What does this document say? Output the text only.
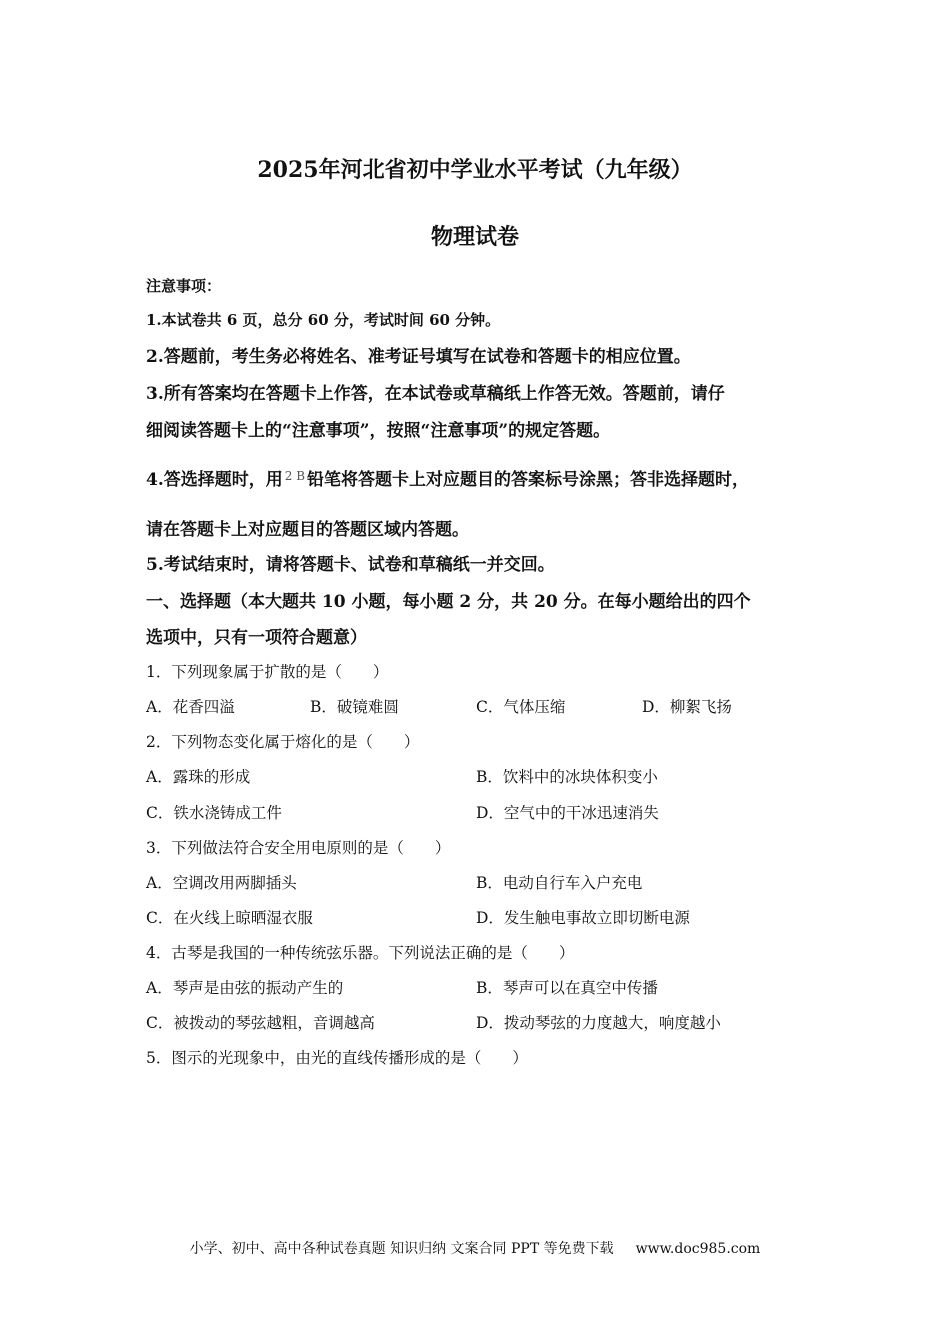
2025年河北省初中学业水平考试（九年级）
物理试卷
注意事项：
1.本试卷共 6 页，总分 60 分，考试时间 60 分钟。
2.答题前，考生务必将姓名、准考证号填写在试卷和答题卡的相应位置。
3.所有答案均在答题卡上作答，在本试卷或草稿纸上作答无效。答题前，请仔
细阅读答题卡上的“注意事项”，按照“注意事项”的规定答题。
4.答选择题时，用 $^{2 B}$ 铅笔将答题卡上对应题目的答案标号涂黑；答非选择题时，
请在答题卡上对应题目的答题区域内答题。
5.考试结束时，请将答题卡、试卷和草稿纸一并交回。
一、选择题（本大题共 10 小题，每小题 2 分，共 20 分。在每小题给出的四个
选项中，只有一项符合题意）
1．下列现象属于扩散的是（　　）
A．花香四溢	B．破镜难圆	C．气体压缩	D．柳絮飞扬
2．下列物态变化属于熔化的是（　　）
A．露珠的形成	B．饮料中的冰块体积变小
C．铁水浇铸成工件	D．空气中的干冰迅速消失
3．下列做法符合安全用电原则的是（　　）
A．空调改用两脚插头	B．电动自行车入户充电
C．在火线上晾晒湿衣服	D．发生触电事故立即切断电源
4．古琴是我国的一种传统弦乐器。下列说法正确的是（　　）
A．琴声是由弦的振动产生的	B．琴声可以在真空中传播
C．被拨动的琴弦越粗，音调越高	D．拨动琴弦的力度越大，响度越小
5．图示的光现象中，由光的直线传播形成的是（　　）
小学、初中、高中各种试卷真题 知识归纳 文案合同 PPT 等免费下载 www.doc985.com
